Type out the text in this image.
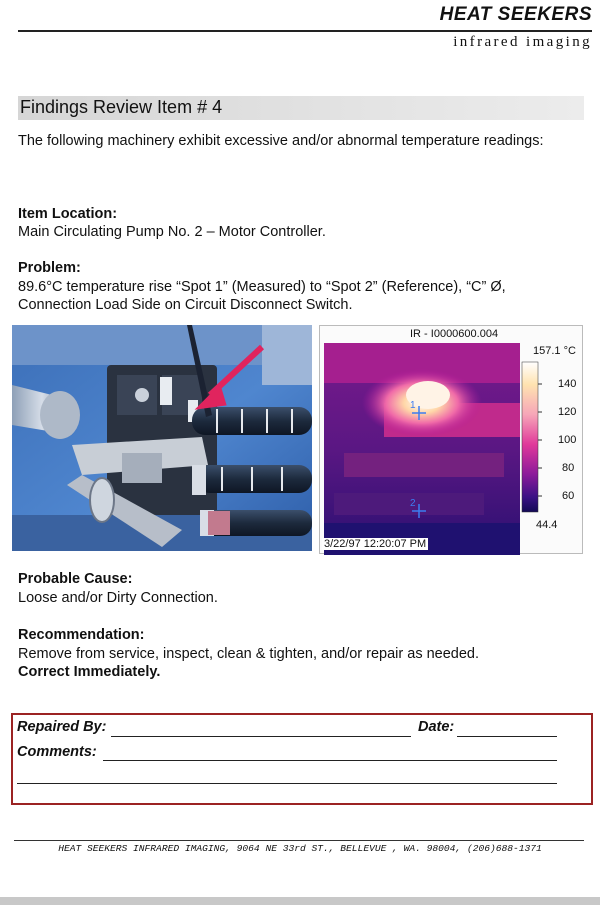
HEAT SEEKERS
infrared imaging
Findings Review Item # 4
The following machinery exhibit excessive and/or abnormal temperature readings:
Item Location:
Main Circulating Pump No. 2 – Motor Controller.
Problem:
89.6°C temperature rise “Spot 1” (Measured) to “Spot 2” (Reference), “C” Ø,
Connection Load Side on Circuit Disconnect Switch.
IR - I0000600.004
1
2
157.1 °C
140
120
100
80
60
44.4
3/22/97 12:20:07 PM
Probable Cause:
Loose and/or Dirty Connection.
Recommendation:
Remove from service, inspect, clean & tighten, and/or repair as needed.
Correct Immediately.
Repaired By:	Date:
Comments:
HEAT SEEKERS INFRARED IMAGING, 9064 NE 33rd ST., BELLEVUE , WA. 98004, (206)688-1371
